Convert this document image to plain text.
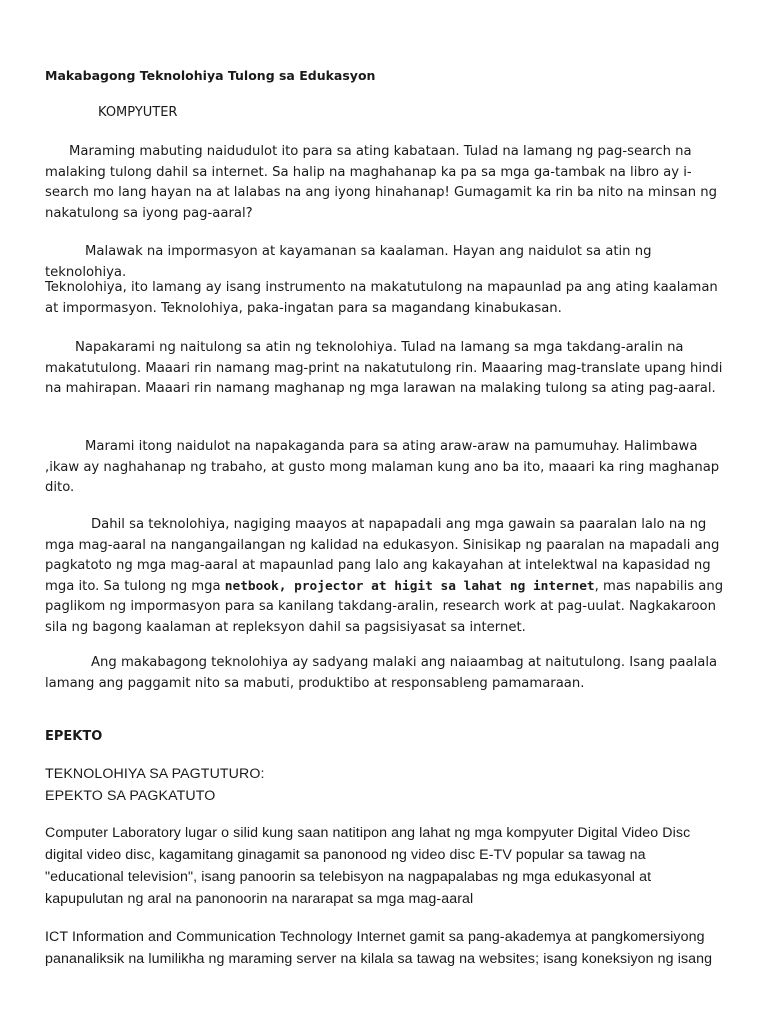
Makabagong Teknolohiya Tulong sa Edukasyon

KOMPYUTER

Maraming mabuting naidudulot ito para sa ating kabataan. Tulad na lamang ng pag-search na malaking tulong dahil sa internet. Sa halip na maghahanap ka pa sa mga ga-tambak na libro ay i-search mo lang hayan na at lalabas na ang iyong hinahanap! Gumagamit ka rin ba nito na minsan ng nakatulong sa iyong pag-aaral?

Malawak na impormasyon at kayamanan sa kaalaman. Hayan ang naidulot sa atin ng teknolohiya.

Teknolohiya, ito lamang ay isang instrumento na makatutulong na mapaunlad pa ang ating kaalaman at impormasyon. Teknolohiya, paka-ingatan para sa magandang kinabukasan.

Napakarami ng naitulong sa atin ng teknolohiya. Tulad na lamang sa mga takdang-aralin na makatutulong. Maaari rin namang mag-print na nakatutulong rin. Maaaring mag-translate upang hindi na mahirapan. Maaari rin namang maghanap ng mga larawan na malaking tulong sa ating pag-aaral.

Marami itong naidulot na napakaganda para sa ating araw-araw na pamumuhay. Halimbawa ,ikaw ay naghahanap ng trabaho, at gusto mong malaman kung ano ba ito, maaari ka ring maghanap dito.

Dahil sa teknolohiya, nagiging maayos at napapadali ang mga gawain sa paaralan lalo na ng mga mag-aaral na nangangailangan ng kalidad na edukasyon. Sinisikap ng paaralan na mapadali ang pagkatoto ng mga mag-aaral at mapaunlad pang lalo ang kakayahan at intelektwal na kapasidad ng mga ito. Sa tulong ng mga netbook, projector at higit sa lahat ng internet, mas napabilis ang paglikom ng impormasyon para sa kanilang takdang-aralin, research work at pag-uulat. Nagkakaroon sila ng bagong kaalaman at repleksyon dahil sa pagsisiyasat sa internet.

Ang makabagong teknolohiya ay sadyang malaki ang naiaambag at naitutulong. Isang paalala lamang ang paggamit nito sa mabuti, produktibo at responsableng pamamaraan.

EPEKTO

TEKNOLOHIYA SA PAGTUTURO:

EPEKTO SA PAGKATUTO

Computer Laboratory lugar o silid kung saan natitipon ang lahat ng mga kompyuter Digital Video Disc digital video disc, kagamitang ginagamit sa panonood ng video disc E-TV popular sa tawag na "educational television", isang panoorin sa telebisyon na nagpapalabas ng mga edukasyonal at kapupulutan ng aral na panonoorin na nararapat sa mga mag-aaral

ICT Information and Communication Technology Internet gamit sa pang-akademya at pangkomersiyong pananaliksik na lumilikha ng maraming server na kilala sa tawag na websites; isang koneksiyon ng isang
